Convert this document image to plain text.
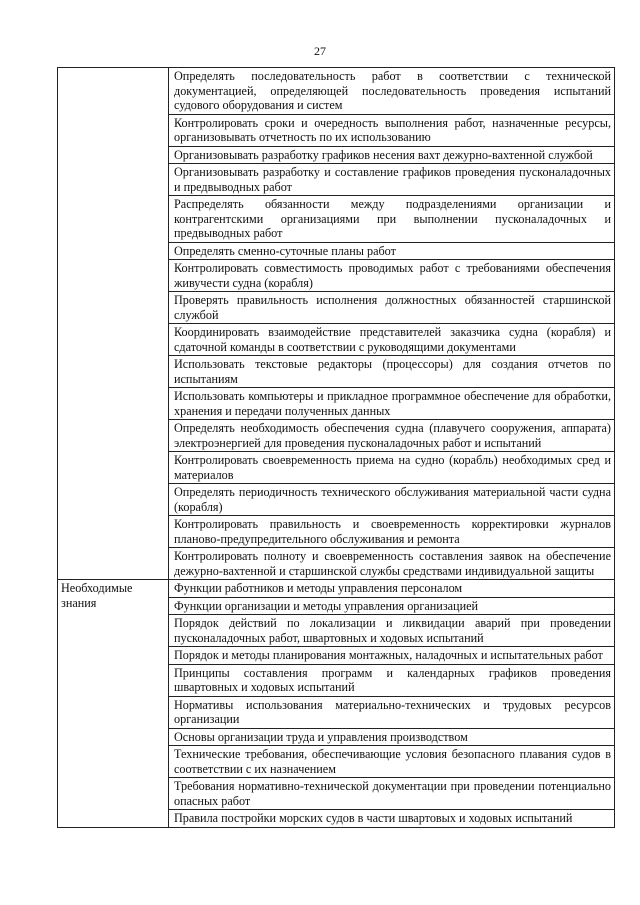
27
	Определять последовательность работ в соответствии с технической документацией, определяющей последовательность проведения испытаний судового оборудования и систем
	Контролировать сроки и очередность выполнения работ, назначенные ресурсы, организовывать отчетность по их использованию
	Организовывать разработку графиков несения вахт дежурно-вахтенной службой
	Организовывать разработку и составление графиков проведения пусконаладочных и предвыводных работ
	Распределять обязанности между подразделениями организации и контрагентскими организациями при выполнении пусконаладочных и предвыводных работ
	Определять сменно-суточные планы работ
	Контролировать совместимость проводимых работ с требованиями обеспечения живучести судна (корабля)
	Проверять правильность исполнения должностных обязанностей старшинской службой
	Координировать взаимодействие представителей заказчика судна (корабля) и сдаточной команды в соответствии с руководящими документами
	Использовать текстовые редакторы (процессоры) для создания отчетов по испытаниям
	Использовать компьютеры и прикладное программное обеспечение для обработки, хранения и передачи полученных данных
	Определять необходимость обеспечения судна (плавучего сооружения, аппарата) электроэнергией для проведения пусконаладочных работ и испытаний
	Контролировать своевременность приема на судно (корабль) необходимых сред и материалов
	Определять периодичность технического обслуживания материальной части судна (корабля)
	Контролировать правильность и своевременность корректировки журналов планово-предупредительного обслуживания и ремонта
	Контролировать полноту и своевременность составления заявок на обеспечение дежурно-вахтенной и старшинской службы средствами индивидуальной защиты
Необходимые знания	Функции работников и методы управления персоналом
	Функции организации и методы управления организацией
	Порядок действий по локализации и ликвидации аварий при проведении пусконаладочных работ, швартовных и ходовых испытаний
	Порядок и методы планирования монтажных, наладочных и испытательных работ
	Принципы составления программ и календарных графиков проведения швартовных и ходовых испытаний
	Нормативы использования материально-технических и трудовых ресурсов организации
	Основы организации труда и управления производством
	Технические требования, обеспечивающие условия безопасного плавания судов в соответствии с их назначением
	Требования нормативно-технической документации при проведении потенциально опасных работ
	Правила постройки морских судов в части швартовых и ходовых испытаний
